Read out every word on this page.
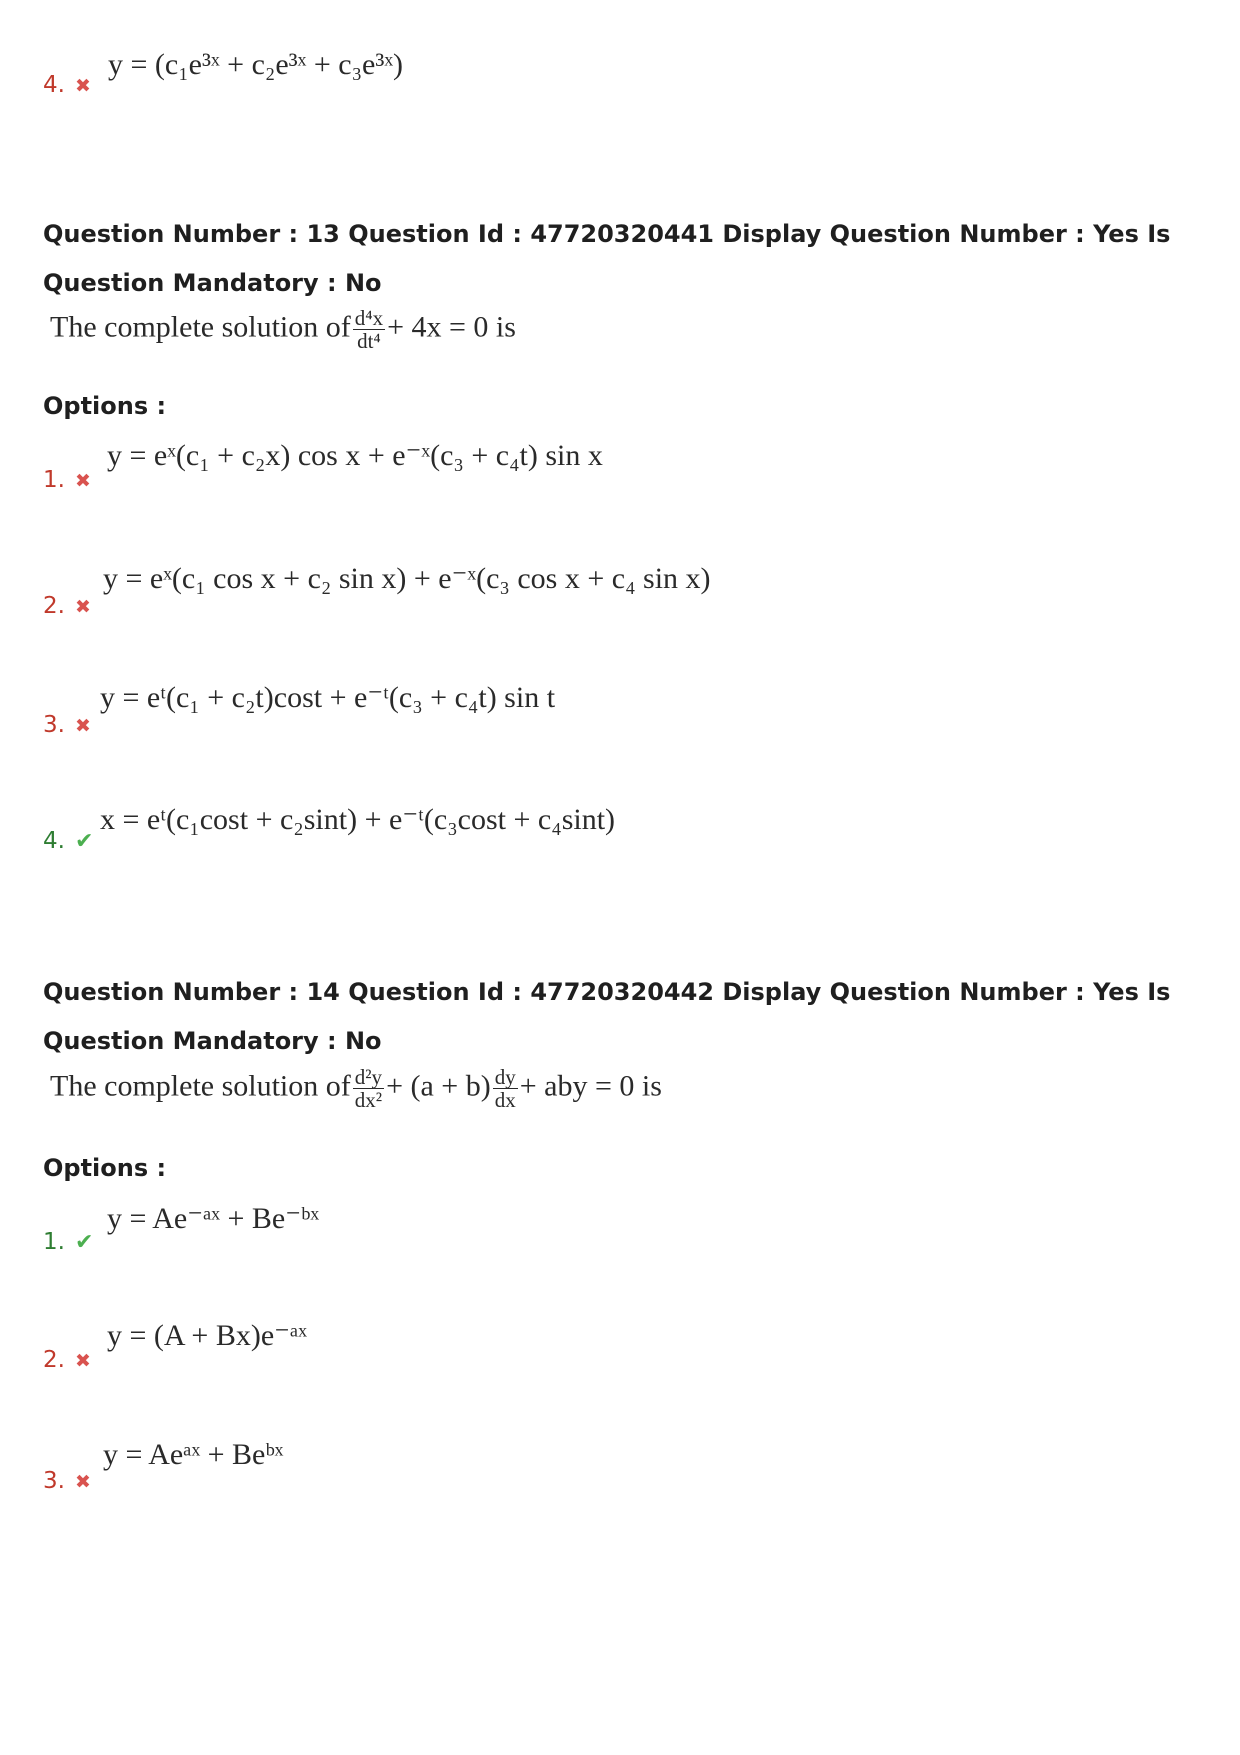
y = (c₁e³ˣ + c₂e³ˣ + c₃e³ˣ)
4. ✖
Question Number : 13 Question Id : 47720320441 Display Question Number : Yes Is Question Mandatory : No
The complete solution of $\frac{\text{d⁴x}}{\text{dt⁴}} + 4x = 0$ is
Options :
y = eˣ(c₁ + c₂x) cos x + e⁻ˣ(c₃ + c₄t) sin x
1. ✖
y = eˣ(c₁ cos x + c₂ sin x) + e⁻ˣ(c₃ cos x + c₄ sin x)
2. ✖
y = eᵗ(c₁ + c₂t)cost + e⁻ᵗ(c₃ + c₄t) sin t
3. ✖
x = eᵗ(c₁cost + c₂sint) + e⁻ᵗ(c₃cost + c₄sint)
4. ✔
Question Number : 14 Question Id : 47720320442 Display Question Number : Yes Is Question Mandatory : No
The complete solution of $\frac{\text{d²y}}{\text{dx²}} + (a + b) \frac{dy}{dx}$ + aby = 0 is
Options :
y = Ae⁻ᵃˣ + Be⁻ᵇˣ
1. ✔
y = (A + Bx)e⁻ᵃˣ
2. ✖
y = Aeᵃˣ + Beᵇˣ
3. ✖
